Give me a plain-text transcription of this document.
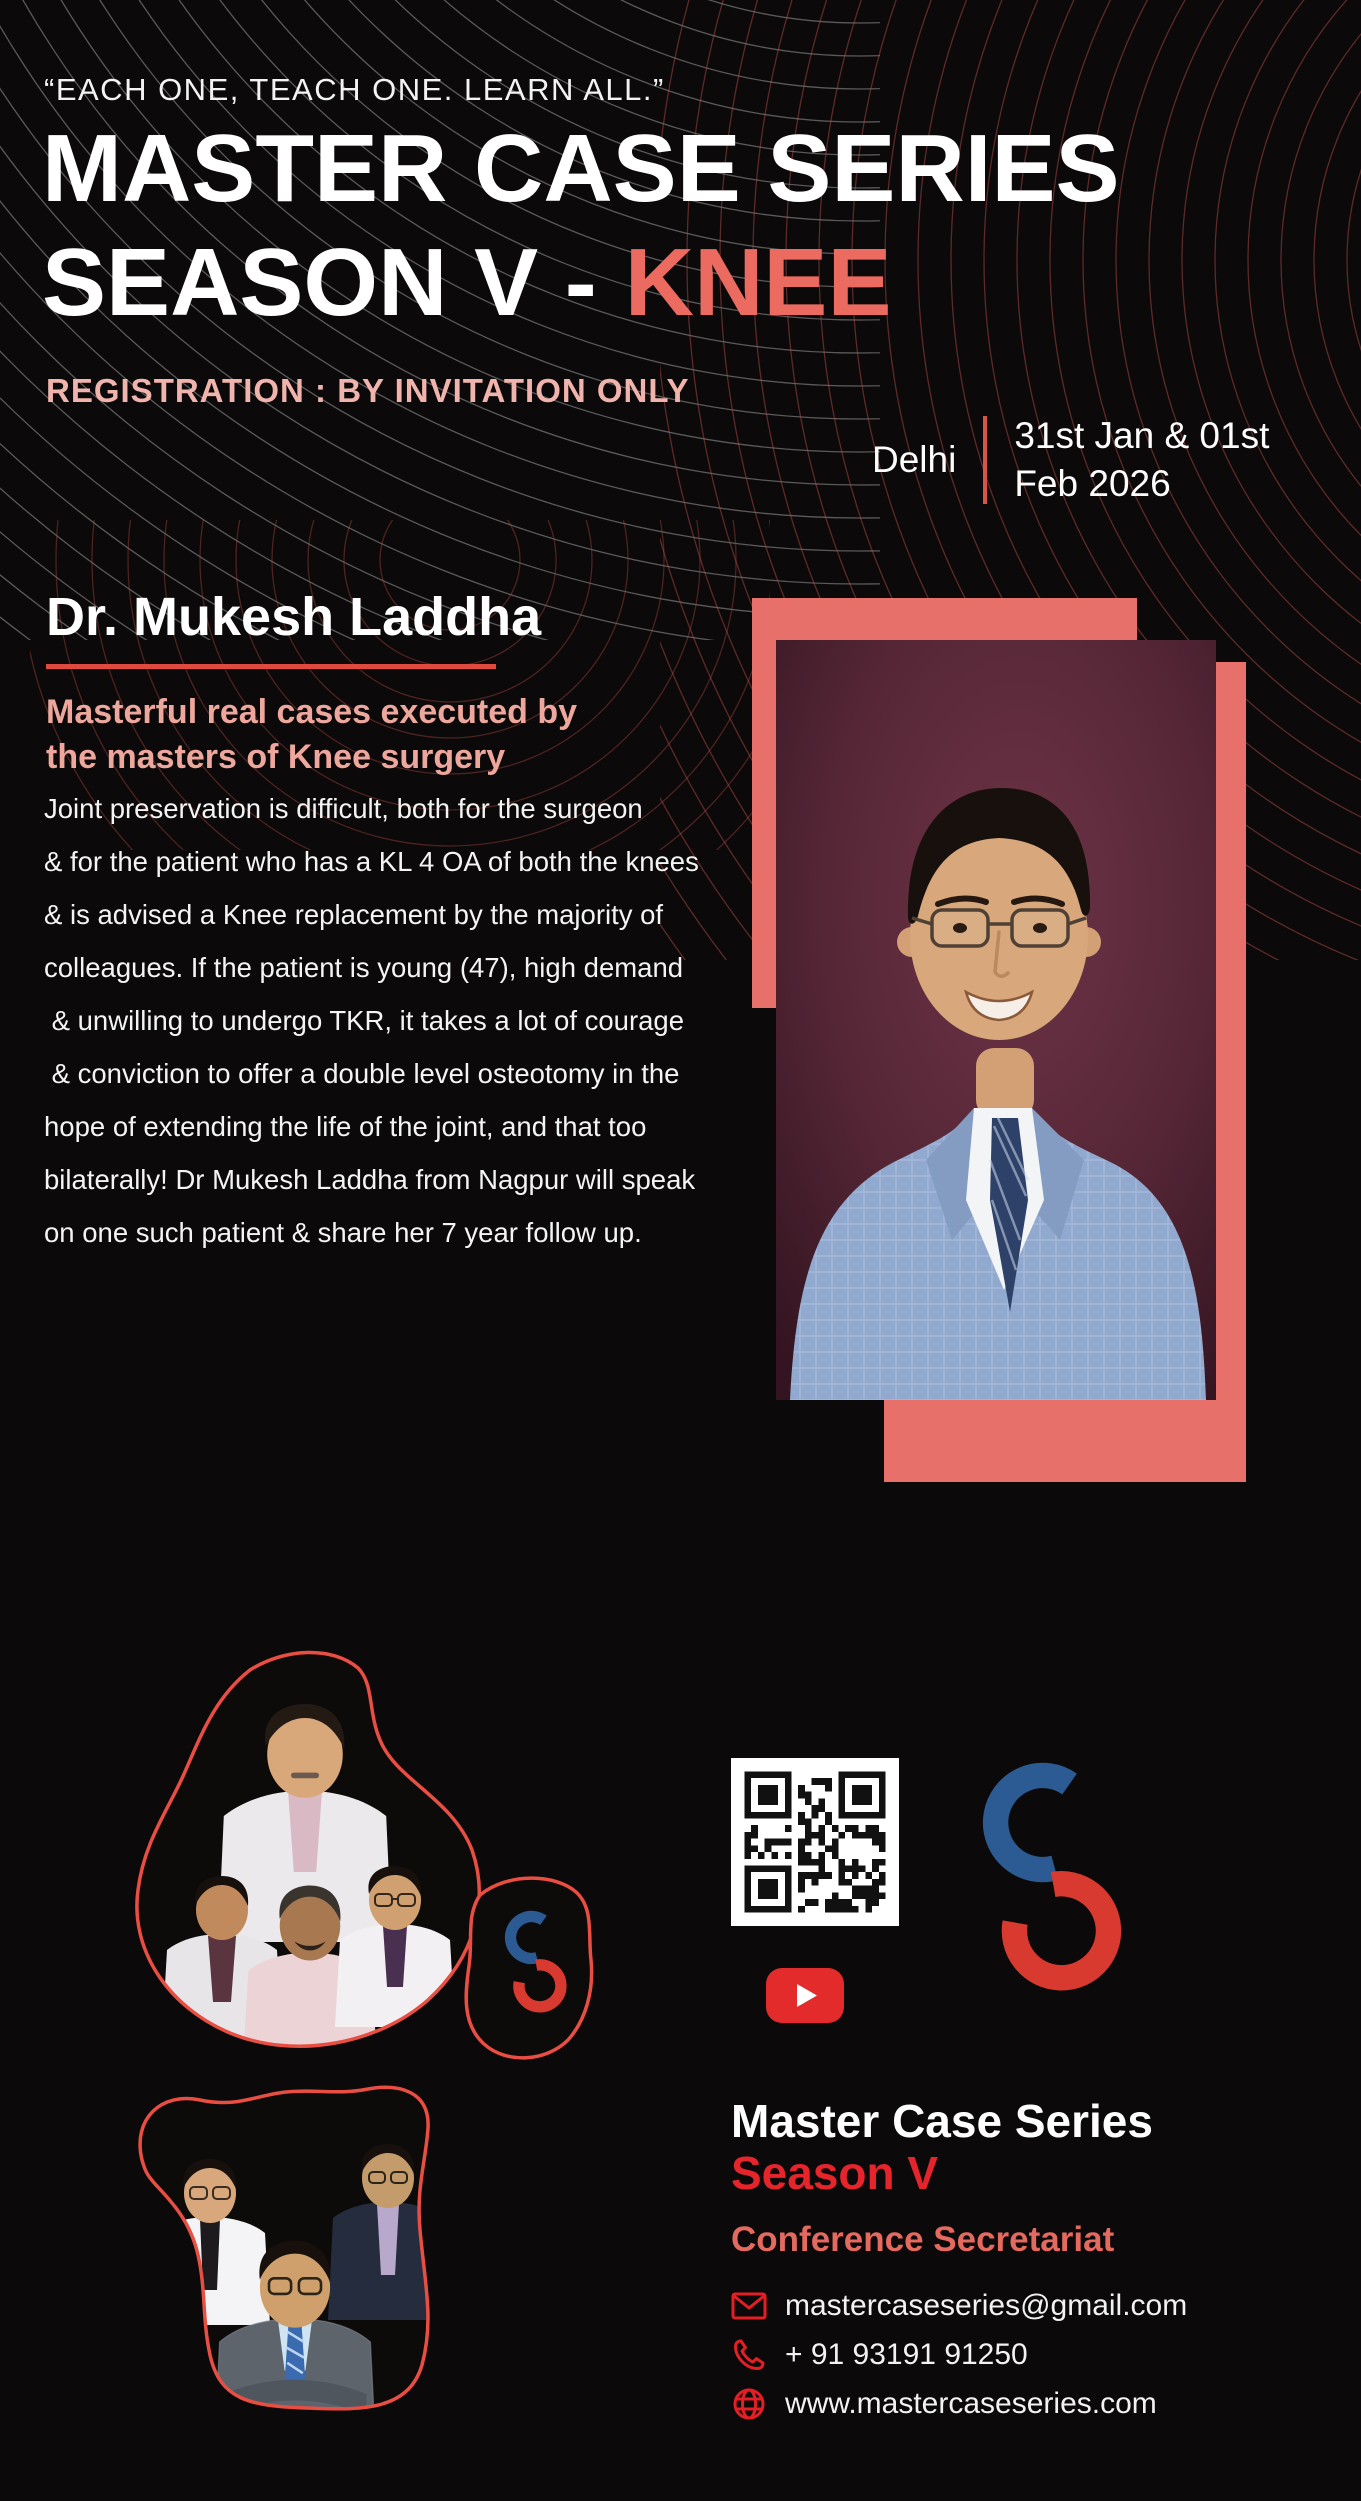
“EACH ONE, TEACH ONE. LEARN ALL.”
MASTER CASE SERIES
SEASON V - KNEE
REGISTRATION : BY INVITATION ONLY
Delhi
31st Jan & 01st
Feb 2026
Dr. Mukesh Laddha
Masterful real cases executed by
the masters of Knee surgery
Joint preservation is difficult, both for the surgeon
& for the patient who has a KL 4 OA of both the knees
& is advised a Knee replacement by the majority of
colleagues. If the patient is young (47), high demand
& unwilling to undergo TKR, it takes a lot of courage
& conviction to offer a double level osteotomy in the
hope of extending the life of the joint, and that too
bilaterally! Dr Mukesh Laddha from Nagpur will speak
on one such patient & share her 7 year follow up.
Master Case Series
Season V
Conference Secretariat
mastercaseseries@gmail.com
+ 91 93191 91250
www.mastercaseseries.com
